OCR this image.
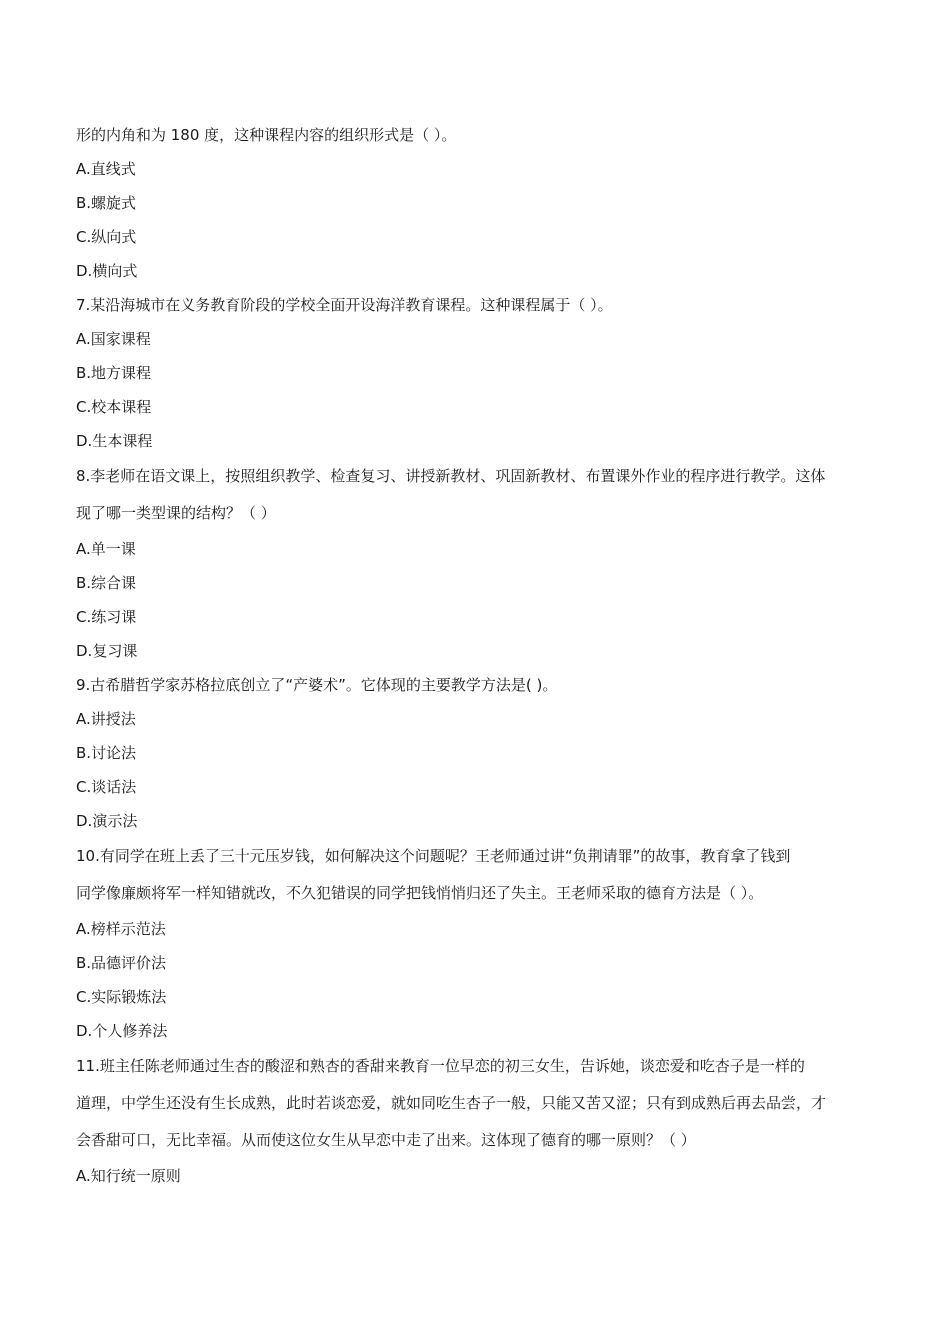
形的内角和为 180 度，这种课程内容的组织形式是（ ）。
A.直线式
B.螺旋式
C.纵向式
D.横向式
7.某沿海城市在义务教育阶段的学校全面开设海洋教育课程。这种课程属于（ ）。
A.国家课程
B.地方课程
C.校本课程
D.生本课程
8.李老师在语文课上，按照组织教学、检查复习、讲授新教材、巩固新教材、布置课外作业的程序进行教学。这体
现了哪一类型课的结构？（ ）
A.单一课
B.综合课
C.练习课
D.复习课
9.古希腊哲学家苏格拉底创立了“产婆术”。它体现的主要教学方法是( )。
A.讲授法
B.讨论法
C.谈话法
D.演示法
10.有同学在班上丢了三十元压岁钱，如何解决这个问题呢？王老师通过讲“负荆请罪”的故事，教育拿了钱到
同学像廉颇将军一样知错就改，不久犯错误的同学把钱悄悄归还了失主。王老师采取的德育方法是（ ）。
A.榜样示范法
B.品德评价法
C.实际锻炼法
D.个人修养法
11.班主任陈老师通过生杏的酸涩和熟杏的香甜来教育一位早恋的初三女生，告诉她，谈恋爱和吃杏子是一样的
道理，中学生还没有生长成熟，此时若谈恋爱，就如同吃生杏子一般，只能又苦又涩；只有到成熟后再去品尝，才
会香甜可口，无比幸福。从而使这位女生从早恋中走了出来。这体现了德育的哪一原则？（ ）
A.知行统一原则
